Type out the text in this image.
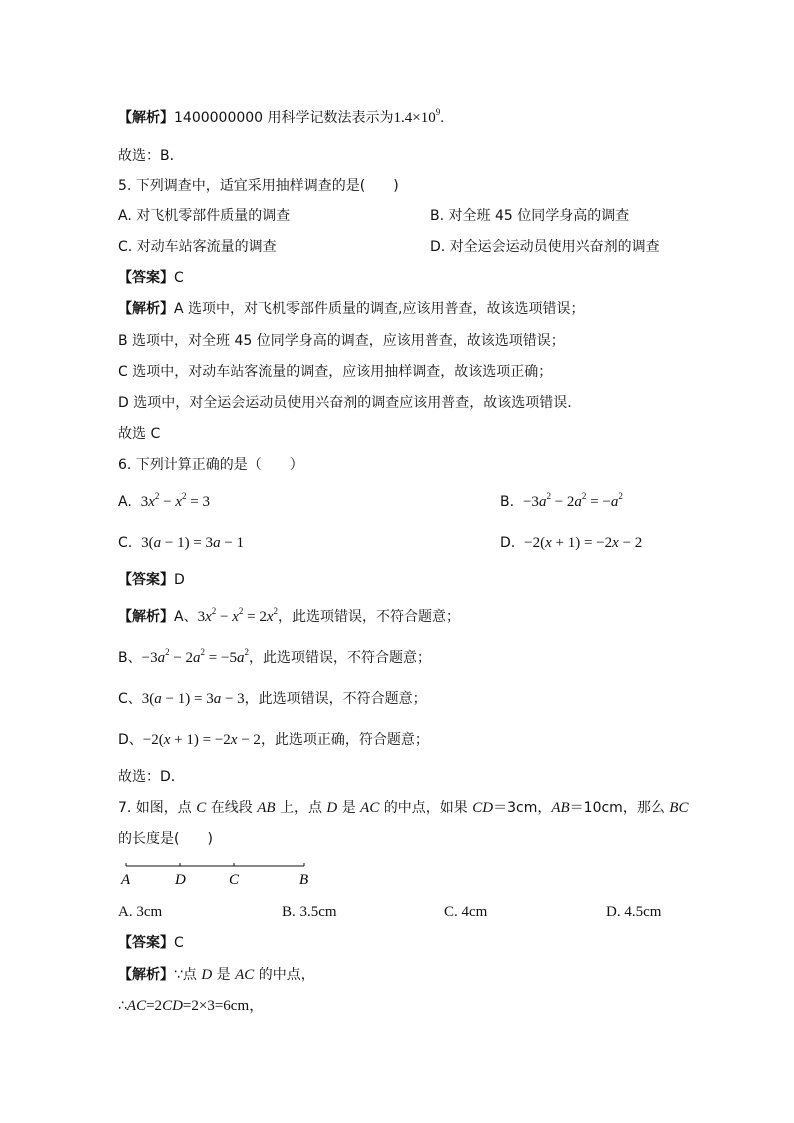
【解析】1400000000 用科学记数法表示为$1.4\times 10^9$.
故选：B．
5. 下列调查中，适宜采用抽样调查的是(　　)
A. 对飞机零部件质量的调查	B. 对全班 45 位同学身高的调查
C. 对动车站客流量的调查	D. 对全运会运动员使用兴奋剂的调查
【答案】C
【解析】A 选项中，对飞机零部件质量的调查,应该用普查，故该选项错误；
B 选项中，对全班 45 位同学身高的调查，应该用普查，故该选项错误；
C 选项中，对动车站客流量的调查，应该用抽样调查，故该选项正确；
D 选项中，对全运会运动员使用兴奋剂的调查应该用普查，故该选项错误.
故选 C
6. 下列计算正确的是（　　）
A. $3x^2 - x^2 = 3$	B. $-3a^2 - 2a^2 = -a^2$
C. 3(a − 1) = 3a − 1	D. −2(x + 1) = −2x − 2
【答案】D
【解析】A、$3x^2 - x^2 = 2x^2$，此选项错误，不符合题意；
B、$-3a^2 - 2a^2 = -5a^2$，此选项错误，不符合题意；
C、3(a − 1) = 3a − 3，此选项错误，不符合题意；
D、−2(x + 1) = −2x − 2，此选项正确，符合题意；
故选：D．
7. 如图，点 C 在线段 AB 上，点 D 是 AC 的中点，如果 CD＝3cm，AB＝10cm，那么 BC
的长度是(　　)
A	D	C	B
A. 3cm	B. 3.5cm	C. 4cm	D. 4.5cm
【答案】C
【解析】∵点 D 是 AC 的中点，
∴AC=2CD=2×3=6cm，
